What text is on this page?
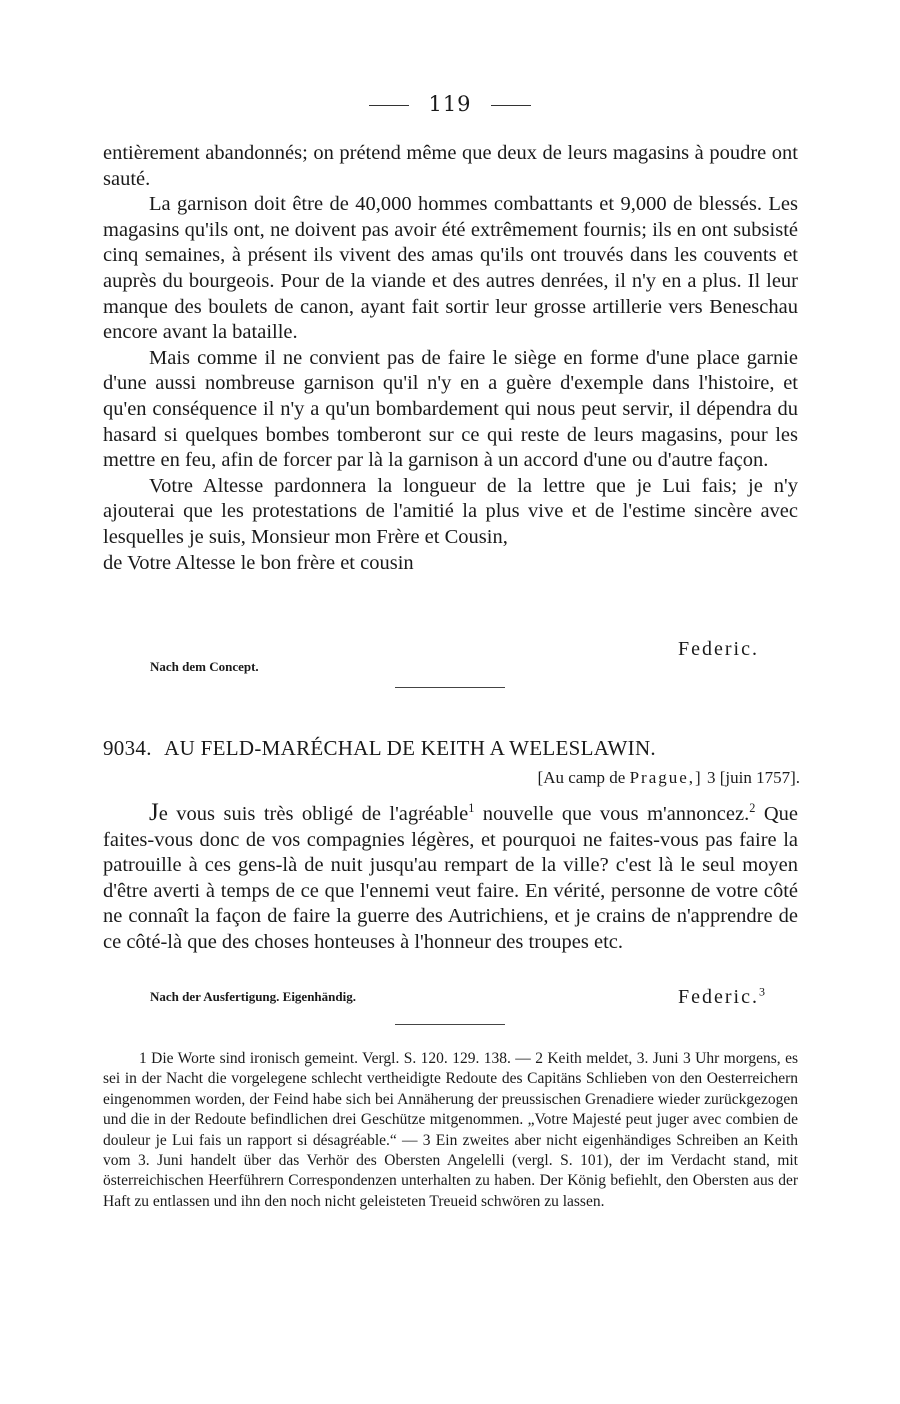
119

entièrement abandonnés; on prétend même que deux de leurs magasins à poudre ont sauté.

La garnison doit être de 40,000 hommes combattants et 9,000 de blessés. Les magasins qu'ils ont, ne doivent pas avoir été extrêmement fournis; ils en ont subsisté cinq semaines, à présent ils vivent des amas qu'ils ont trouvés dans les couvents et auprès du bourgeois. Pour de la viande et des autres denrées, il n'y en a plus. Il leur manque des boulets de canon, ayant fait sortir leur grosse artillerie vers Beneschau encore avant la bataille.

Mais comme il ne convient pas de faire le siège en forme d'une place garnie d'une aussi nombreuse garnison qu'il n'y en a guère d'exemple dans l'histoire, et qu'en conséquence il n'y a qu'un bombardement qui nous peut servir, il dépendra du hasard si quelques bombes tomberont sur ce qui reste de leurs magasins, pour les mettre en feu, afin de forcer par là la garnison à un accord d'une ou d'autre façon.

Votre Altesse pardonnera la longueur de la lettre que je Lui fais; je n'y ajouterai que les protestations de l'amitié la plus vive et de l'estime sincère avec lesquelles je suis, Monsieur mon Frère et Cousin,

de Votre Altesse le bon frère et cousin

Federic.
Nach dem Concept.
9034. AU FELD-MARÉCHAL DE KEITH A WELESLAWIN.
[Au camp de Prague,] 3 [juin 1757].

Je vous suis très obligé de l'agréable$^1$ nouvelle que vous m'annoncez.$^2$ Que faites-vous donc de vos compagnies légères, et pourquoi ne faites-vous pas faire la patrouille à ces gens-là de nuit jusqu'au rempart de la ville? c'est là le seul moyen d'être averti à temps de ce que l'ennemi veut faire. En vérité, personne de votre côté ne connaît la façon de faire la guerre des Autrichiens, et je crains de n'apprendre de ce côté-là que des choses honteuses à l'honneur des troupes etc.

Federic.$^3$
Nach der Ausfertigung. Eigenhändig.

1 Die Worte sind ironisch gemeint. Vergl. S. 120. 129. 138. — 2 Keith meldet, 3. Juni 3 Uhr morgens, es sei in der Nacht die vorgelegene schlecht vertheidigte Redoute des Capitäns Schlieben von den Oesterreichern eingenommen worden, der Feind habe sich bei Annäherung der preussischen Grenadiere wieder zurückgezogen und die in der Redoute befindlichen drei Geschütze mitgenommen. „Votre Majesté peut juger avec combien de douleur je Lui fais un rapport si désagréable.“ — 3 Ein zweites aber nicht eigenhändiges Schreiben an Keith vom 3. Juni handelt über das Verhör des Obersten Angelelli (vergl. S. 101), der im Verdacht stand, mit österreichischen Heerführern Correspondenzen unterhalten zu haben. Der König befiehlt, den Obersten aus der Haft zu entlassen und ihn den noch nicht geleisteten Treueid schwören zu lassen.
